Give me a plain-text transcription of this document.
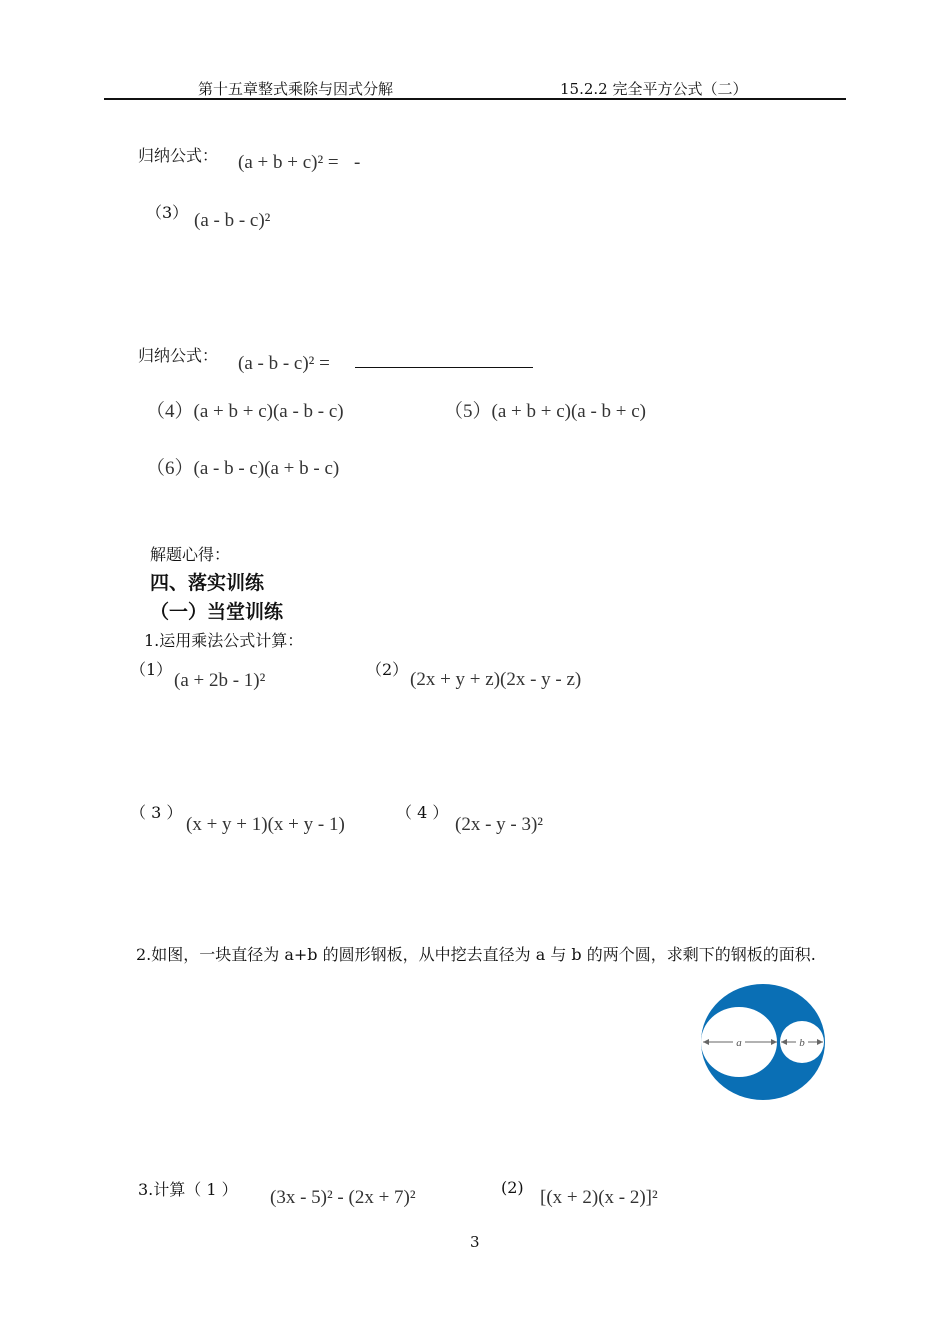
第十五章整式乘除与因式分解	15.2.2 完全平方公式（二）
归纳公式： (a + b + c)² = -
（3） (a - b - c)²
归纳公式： (a - b - c)² =
（4）(a + b + c)(a - b - c)	（5）(a + b + c)(a - b + c)
（6）(a - b - c)(a + b - c)
解题心得：
四、落实训练
（一）当堂训练
1.运用乘法公式计算：
（1）
(a + 2b - 1)²
（2） (2x + y + z)(2x - y - z)
（ 3 ）
(x + y + 1)(x + y - 1)
（ 4 ）
(2x - y - 3)²
2.如图，一块直径为 a+b 的圆形钢板，从中挖去直径为 a 与 b 的两个圆，求剩下的钢板的面积.
a	b
3.计算（ 1 ） (3x - 5)² - (2x + 7)²	(2) [(x + 2)(x - 2)]²
3
